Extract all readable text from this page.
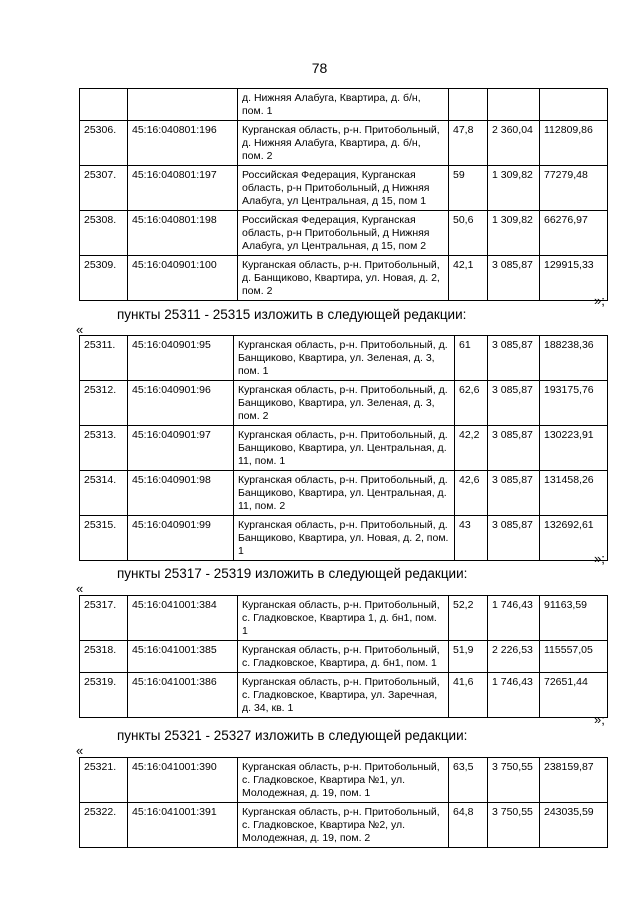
78
		д. Нижняя Алабуга, Квартира, д. б/н, пом. 1			
25306.	45:16:040801:196	Курганская область, р-н. Притобольный, д. Нижняя Алабуга, Квартира, д. б/н, пом. 2	47,8	2 360,04	112809,86
25307.	45:16:040801:197	Российская Федерация, Курганская область, р-н Притобольный, д Нижняя Алабуга, ул Центральная, д 15, пом 1	59	1 309,82	77279,48
25308.	45:16:040801:198	Российская Федерация, Курганская область, р-н Притобольный, д Нижняя Алабуга, ул Центральная, д 15, пом 2	50,6	1 309,82	66276,97
25309.	45:16:040901:100	Курганская область, р-н. Притобольный, д. Банщиково, Квартира, ул. Новая, д. 2, пом. 2	42,1	3 085,87	129915,33
»;
пункты 25311 - 25315 изложить в следующей редакции:
«
25311.	45:16:040901:95	Курганская область, р-н. Притобольный, д. Банщиково, Квартира, ул. Зеленая, д. 3, пом. 1	61	3 085,87	188238,36
25312.	45:16:040901:96	Курганская область, р-н. Притобольный, д. Банщиково, Квартира, ул. Зеленая, д. 3, пом. 2	62,6	3 085,87	193175,76
25313.	45:16:040901:97	Курганская область, р-н. Притобольный, д. Банщиково, Квартира, ул. Центральная, д. 11, пом. 1	42,2	3 085,87	130223,91
25314.	45:16:040901:98	Курганская область, р-н. Притобольный, д. Банщиково, Квартира, ул. Центральная, д. 11, пом. 2	42,6	3 085,87	131458,26
25315.	45:16:040901:99	Курганская область, р-н. Притобольный, д. Банщиково, Квартира, ул. Новая, д. 2, пом. 1	43	3 085,87	132692,61
»;
пункты 25317 - 25319 изложить в следующей редакции:
«
25317.	45:16:041001:384	Курганская область, р-н. Притобольный, с. Гладковское, Квартира 1, д. бн1, пом. 1	52,2	1 746,43	91163,59
25318.	45:16:041001:385	Курганская область, р-н. Притобольный, с. Гладковское, Квартира, д. бн1, пом. 1	51,9	2 226,53	115557,05
25319.	45:16:041001:386	Курганская область, р-н. Притобольный, с. Гладковское, Квартира, ул. Заречная, д. 34, кв. 1	41,6	1 746,43	72651,44
»;
пункты 25321 - 25327 изложить в следующей редакции:
«
25321.	45:16:041001:390	Курганская область, р-н. Притобольный, с. Гладковское, Квартира №1, ул. Молодежная, д. 19, пом. 1	63,5	3 750,55	238159,87
25322.	45:16:041001:391	Курганская область, р-н. Притобольный, с. Гладковское, Квартира №2, ул. Молодежная, д. 19, пом. 2	64,8	3 750,55	243035,59
